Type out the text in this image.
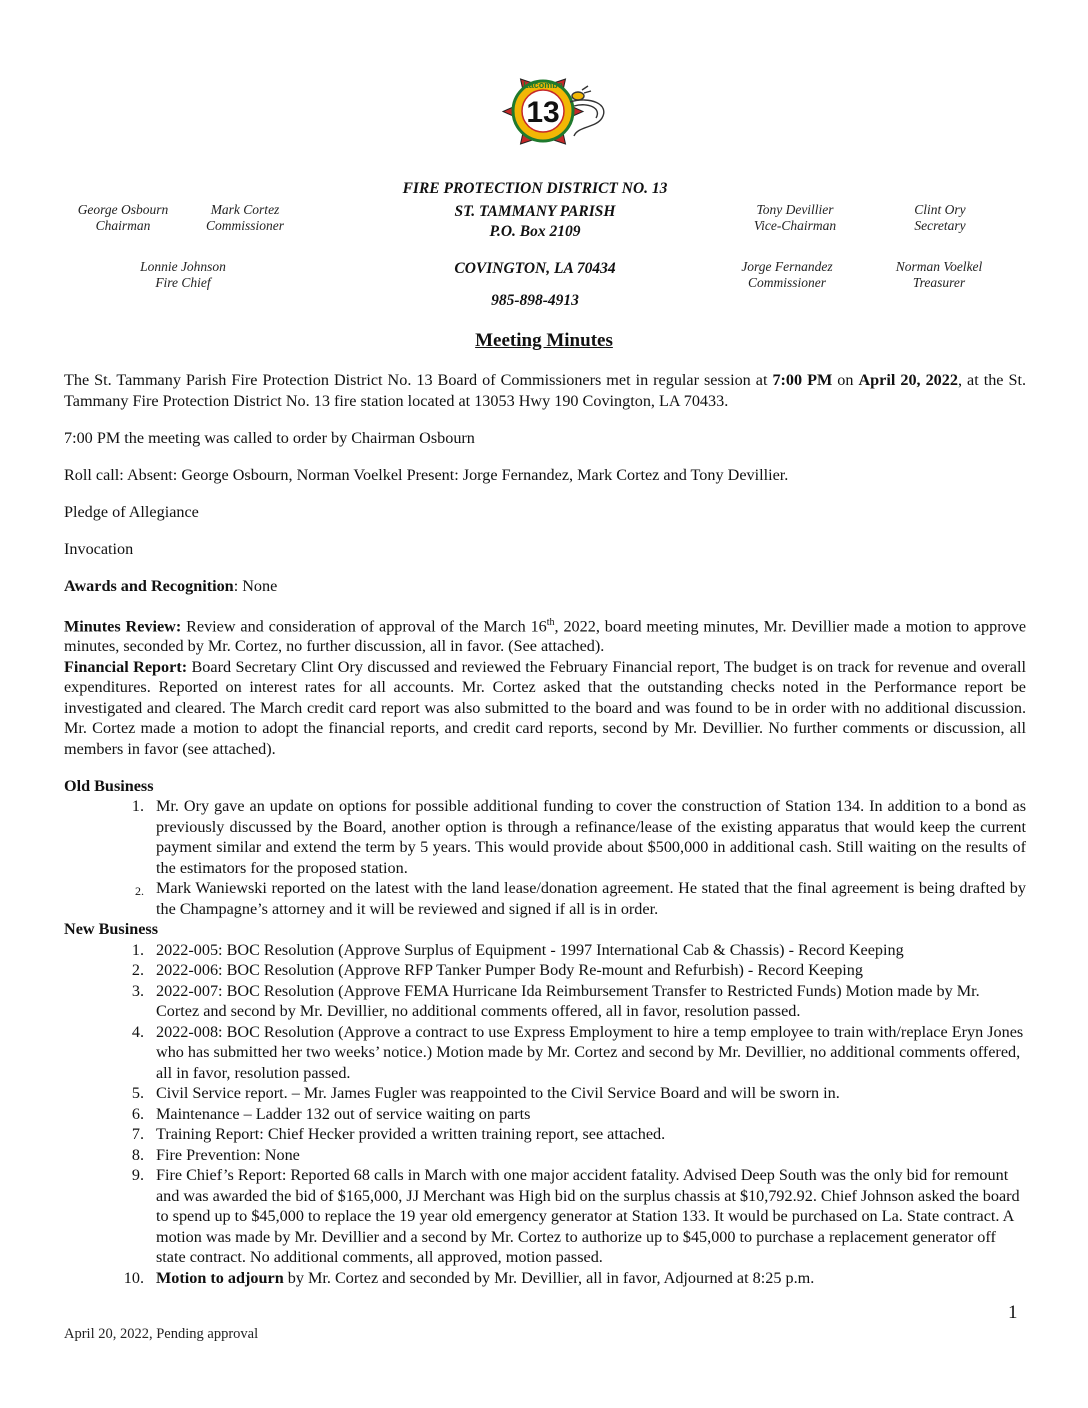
Lacombe
13
George Osbourn
Chairman
Mark Cortez
Commissioner
Lonnie Johnson
Fire Chief
Tony Devillier
Vice-Chairman
Clint Ory
Secretary
Jorge Fernandez
Commissioner
Norman Voelkel
Treasurer
FIRE PROTECTION DISTRICT NO. 13
ST. TAMMANY PARISH
P.O. Box 2109
COVINGTON, LA 70434
985-898-4913
Meeting Minutes

The St. Tammany Parish Fire Protection District No. 13 Board of Commissioners met in regular session at 7:00 PM on April 20, 2022, at the St. Tammany Fire Protection District No. 13 fire station located at 13053 Hwy 190 Covington, LA 70433.

7:00 PM the meeting was called to order by Chairman Osbourn

Roll call: Absent: George Osbourn, Norman Voelkel Present: Jorge Fernandez, Mark Cortez and Tony Devillier.

Pledge of Allegiance

Invocation

Awards and Recognition: None

Minutes Review: Review and consideration of approval of the March 16th, 2022, board meeting minutes, Mr. Devillier made a motion to approve minutes, seconded by Mr. Cortez, no further discussion, all in favor. (See attached).

Financial Report: Board Secretary Clint Ory discussed and reviewed the February Financial report, The budget is on track for revenue and overall expenditures. Reported on interest rates for all accounts. Mr. Cortez asked that the outstanding checks noted in the Performance report be investigated and cleared. The March credit card report was also submitted to the board and was found to be in order with no additional discussion. Mr. Cortez made a motion to adopt the financial reports, and credit card reports, second by Mr. Devillier. No further comments or discussion, all members in favor (see attached).

Old Business

1. Mr. Ory gave an update on options for possible additional funding to cover the construction of Station 134. In addition to a bond as previously discussed by the Board, another option is through a refinance/lease of the existing apparatus that would keep the current payment similar and extend the term by 5 years. This would provide about $500,000 in additional cash. Still waiting on the results of the estimators for the proposed station.
2. Mark Waniewski reported on the latest with the land lease/donation agreement. He stated that the final agreement is being drafted by the Champagne’s attorney and it will be reviewed and signed if all is in order.

New Business

1. 2022-005: BOC Resolution (Approve Surplus of Equipment - 1997 International Cab & Chassis) - Record Keeping
2. 2022-006: BOC Resolution (Approve RFP Tanker Pumper Body Re-mount and Refurbish) - Record Keeping
3. 2022-007: BOC Resolution (Approve FEMA Hurricane Ida Reimbursement Transfer to Restricted Funds) Motion made by Mr. Cortez and second by Mr. Devillier, no additional comments offered, all in favor, resolution passed.
4. 2022-008: BOC Resolution (Approve a contract to use Express Employment to hire a temp employee to train with/replace Eryn Jones who has submitted her two weeks’ notice.) Motion made by Mr. Cortez and second by Mr. Devillier, no additional comments offered, all in favor, resolution passed.
5. Civil Service report. – Mr. James Fugler was reappointed to the Civil Service Board and will be sworn in.
6. Maintenance – Ladder 132 out of service waiting on parts
7. Training Report: Chief Hecker provided a written training report, see attached.
8. Fire Prevention: None
9. Fire Chief’s Report: Reported 68 calls in March with one major accident fatality. Advised Deep South was the only bid for remount and was awarded the bid of $165,000, JJ Merchant was High bid on the surplus chassis at $10,792.92. Chief Johnson asked the board to spend up to $45,000 to replace the 19 year old emergency generator at Station 133. It would be purchased on La. State contract. A motion was made by Mr. Devillier and a second by Mr. Cortez to authorize up to $45,000 to purchase a replacement generator off state contract. No additional comments, all approved, motion passed.
10. Motion to adjourn by Mr. Cortez and seconded by Mr. Devillier, all in favor, Adjourned at 8:25 p.m.
1
April 20, 2022, Pending approval
